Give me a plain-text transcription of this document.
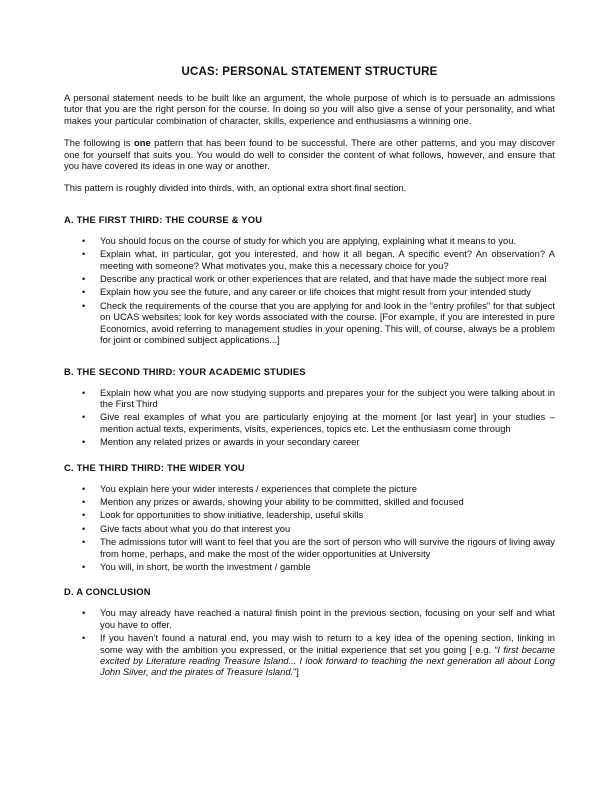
UCAS: PERSONAL STATEMENT STRUCTURE

A personal statement needs to be built like an argument, the whole purpose of which is to persuade an admissions tutor that you are the right person for the course. In doing so you will also give a sense of your personality, and what makes your particular combination of character, skills, experience and enthusiasms a winning one.

The following is one pattern that has been found to be successful. There are other patterns, and you may discover one for yourself that suits you. You would do well to consider the content of what follows, however, and ensure that you have covered its ideas in one way or another.

This pattern is roughly divided into thirds, with, an optional extra short final section.

A. THE FIRST THIRD: THE COURSE & YOU
• You should focus on the course of study for which you are applying, explaining what it means to you.
• Explain what, in particular, got you interested, and how it all began. A specific event? An observation? A meeting with someone? What motivates you, make this a necessary choice for you?
• Describe any practical work or other experiences that are related, and that have made the subject more real
• Explain how you see the future, and any career or life choices that might result from your intended study
• Check the requirements of the course that you are applying for and look in the “entry profiles” for that subject on UCAS websites; look for key words associated with the course. [For example, if you are interested in pure Economics, avoid referring to management studies in your opening. This will, of course, always be a problem for joint or combined subject applications...]
B. THE SECOND THIRD: YOUR ACADEMIC STUDIES
• Explain how what you are now studying supports and prepares your for the subject you were talking about in the First Third
• Give real examples of what you are particularly enjoying at the moment [or last year] in your studies – mention actual texts, experiments, visits, experiences, topics etc. Let the enthusiasm come through
• Mention any related prizes or awards in your secondary career
C. THE THIRD THIRD: THE WIDER YOU
• You explain here your wider interests / experiences that complete the picture
• Mention any prizes or awards, showing your ability to be committed, skilled and focused
• Look for opportunities to show initiative, leadership, useful skills
• Give facts about what you do that interest you
• The admissions tutor will want to feel that you are the sort of person who will survive the rigours of living away from home, perhaps, and make the most of the wider opportunities at University
• You will, in short, be worth the investment / gamble
D. A CONCLUSION
• You may already have reached a natural finish point in the previous section, focusing on your self and what you have to offer.
• If you haven’t found a natural end, you may wish to return to a key idea of the opening section, linking in some way with the ambition you expressed, or the initial experience that set you going [ e.g. “I first became excited by Literature reading Treasure Island... I look forward to teaching the next generation all about Long John Silver, and the pirates of Treasure Island.”]
